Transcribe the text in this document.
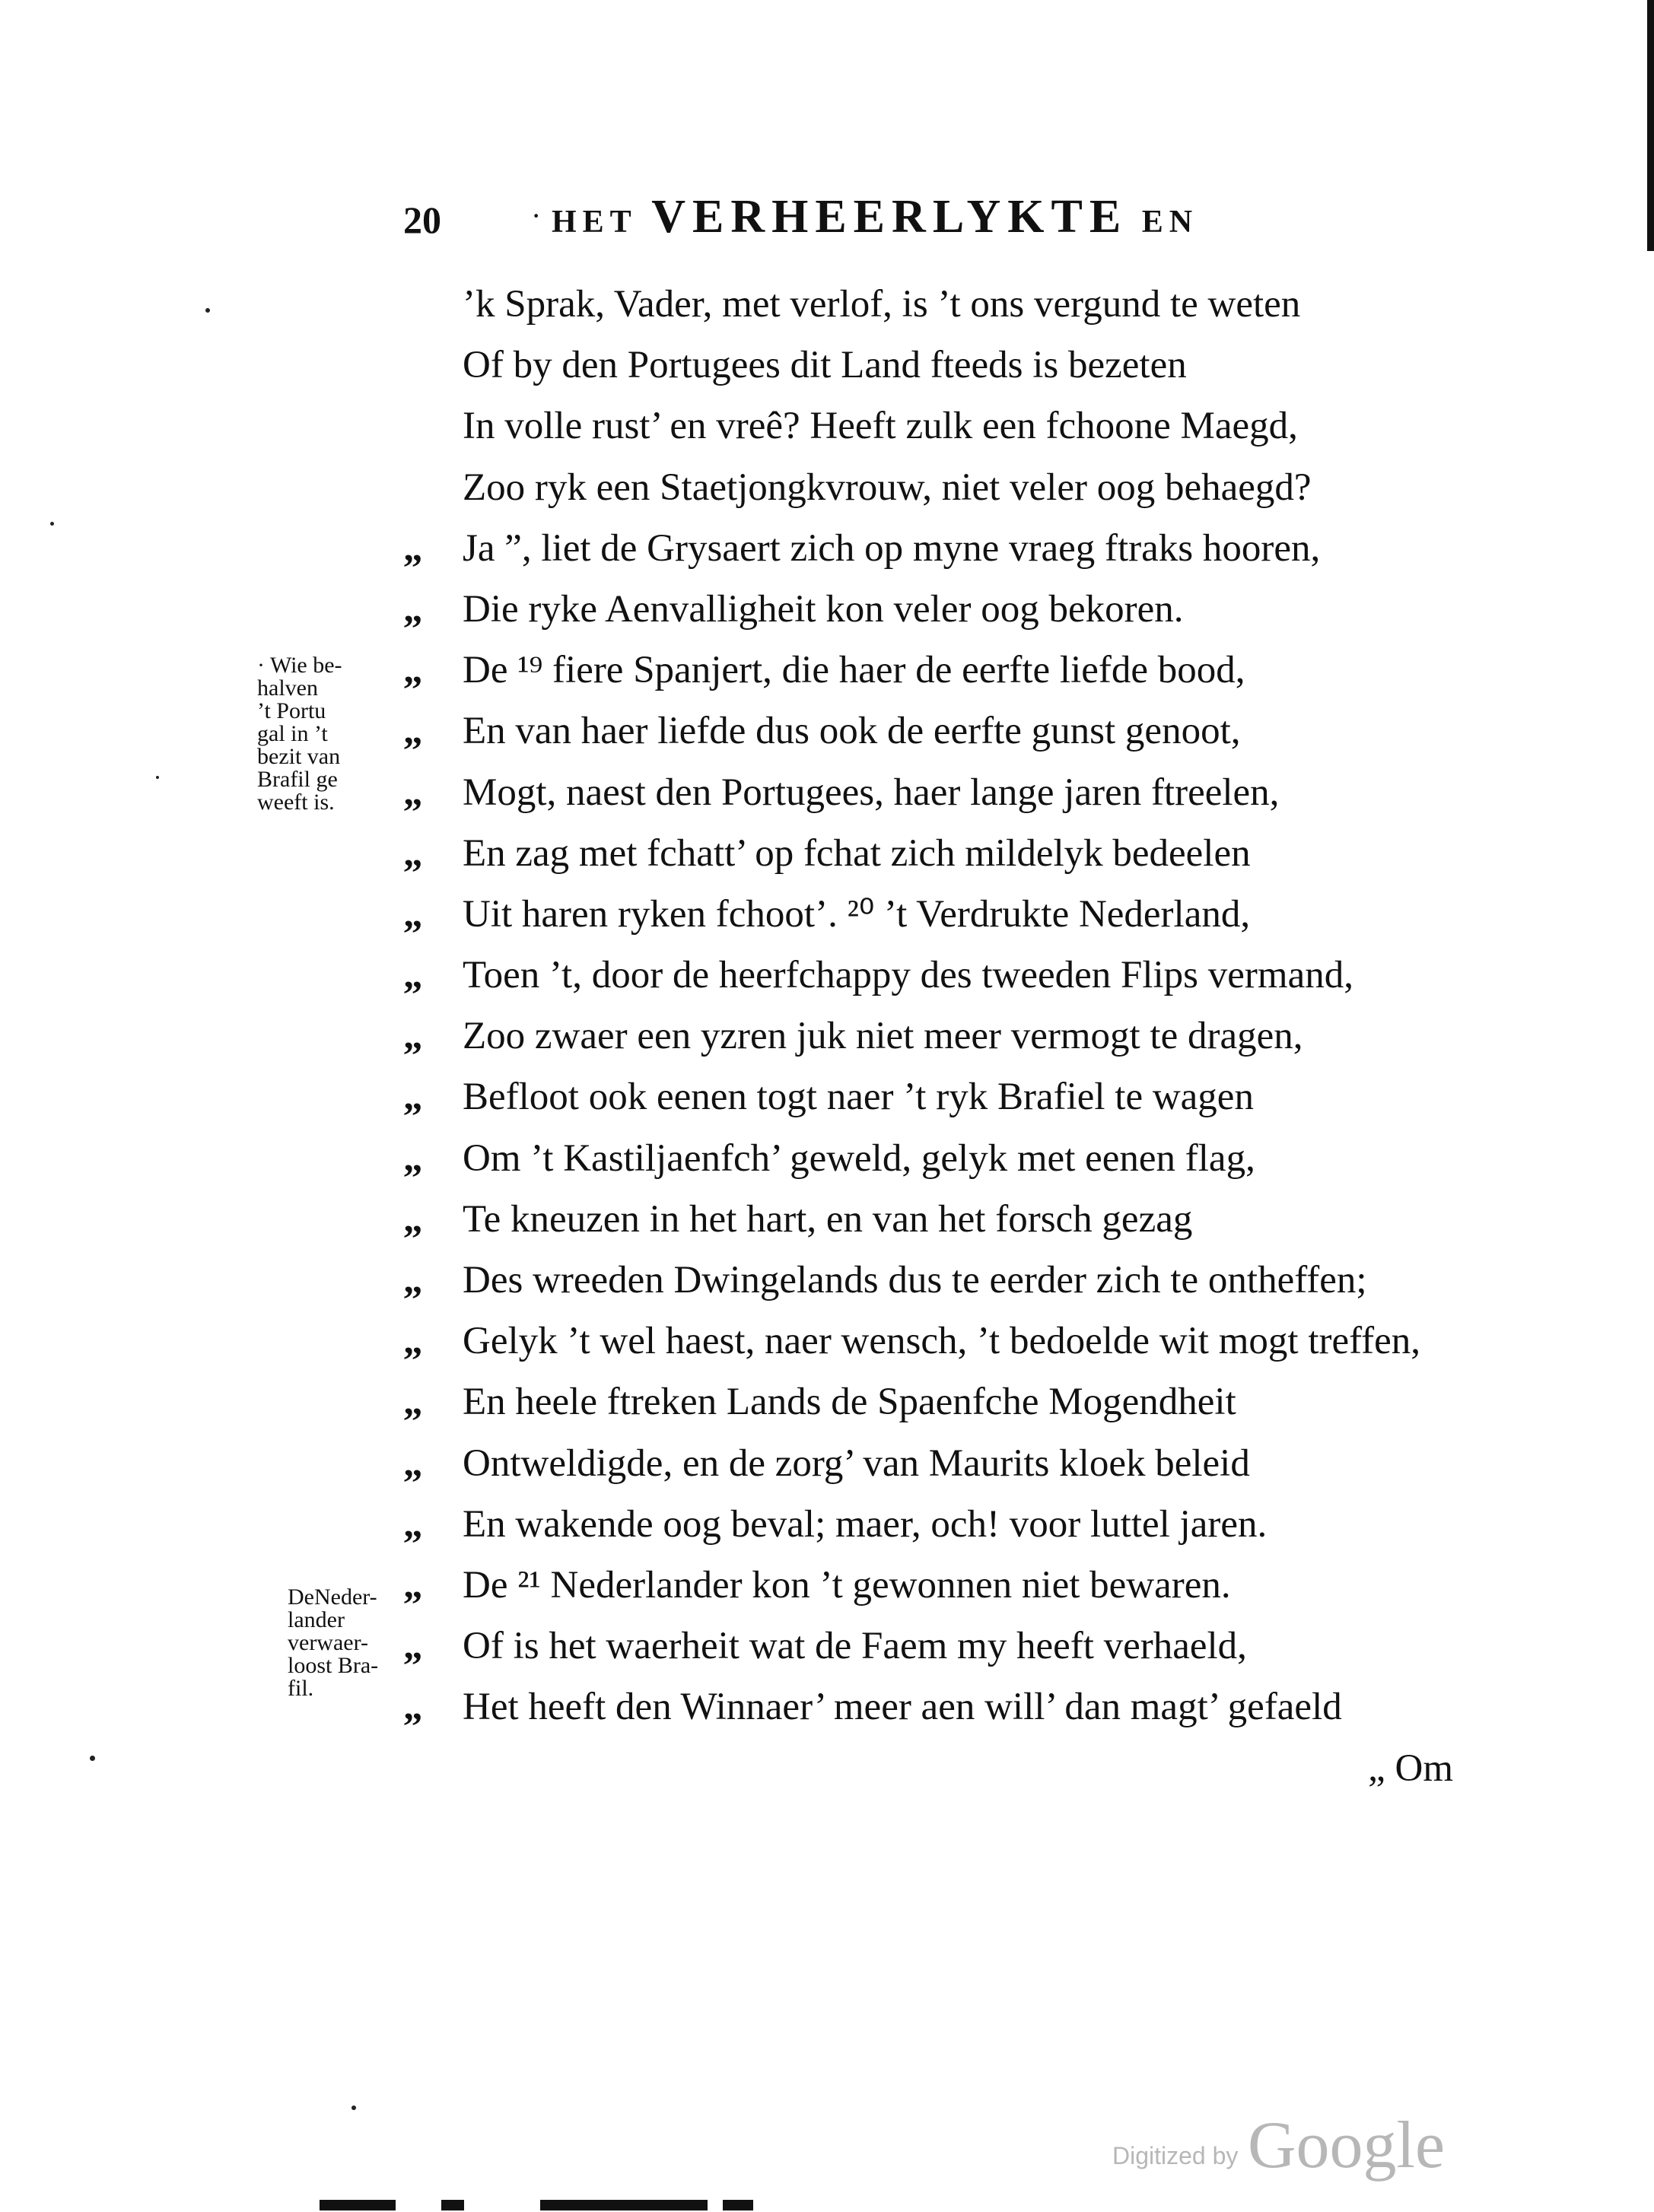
20	· HET VERHEERLYKTE EN
’k Sprak, Vader, met verlof, is ’t ons vergund te weten
Of by den Portugees dit Land fteeds is bezeten
In volle rust’ en vreê? Heeft zulk een fchoone Maegd,
Zoo ryk een Staetjongkvrouw, niet veler oog behaegd?
„ Ja ”, liet de Grysaert zich op myne vraeg ftraks hooren,
„ Die ryke Aenvalligheit kon veler oog bekoren.
„ De ¹⁹ fiere Spanjert, die haer de eerfte liefde bood,
„ En van haer liefde dus ook de eerfte gunst genoot,
„ Mogt, naest den Portugees, haer lange jaren ftreelen,
„ En zag met fchatt’ op fchat zich mildelyk bedeelen
„ Uit haren ryken fchoot’. ²⁰ ’t Verdrukte Nederland,
„ Toen ’t, door de heerfchappy des tweeden Flips vermand,
„ Zoo zwaer een yzren juk niet meer vermogt te dragen,
„ Befloot ook eenen togt naer ’t ryk Brafiel te wagen
„ Om ’t Kastiljaenfch’ geweld, gelyk met eenen flag,
„ Te kneuzen in het hart, en van het forsch gezag
„ Des wreeden Dwingelands dus te eerder zich te ontheffen;
„ Gelyk ’t wel haest, naer wensch, ’t bedoelde wit mogt treffen,
„ En heele ftreken Lands de Spaenfche Mogendheit
„ Ontweldigde, en de zorg’ van Maurits kloek beleid
„ En wakende oog beval; maer, och! voor luttel jaren.
„ De ²¹ Nederlander kon ’t gewonnen niet bewaren.
„ Of is het waerheit wat de Faem my heeft verhaeld,
„ Het heeft den Winnaer’ meer aen will’ dan magt’ gefaeld
„ Om
· Wie be-
halven
’t Portu
gal in ’t
bezit van
Brafil ge
weeft is.
DeNeder-
lander
verwaer-
loost Bra-
fil.
Digitized by Google
